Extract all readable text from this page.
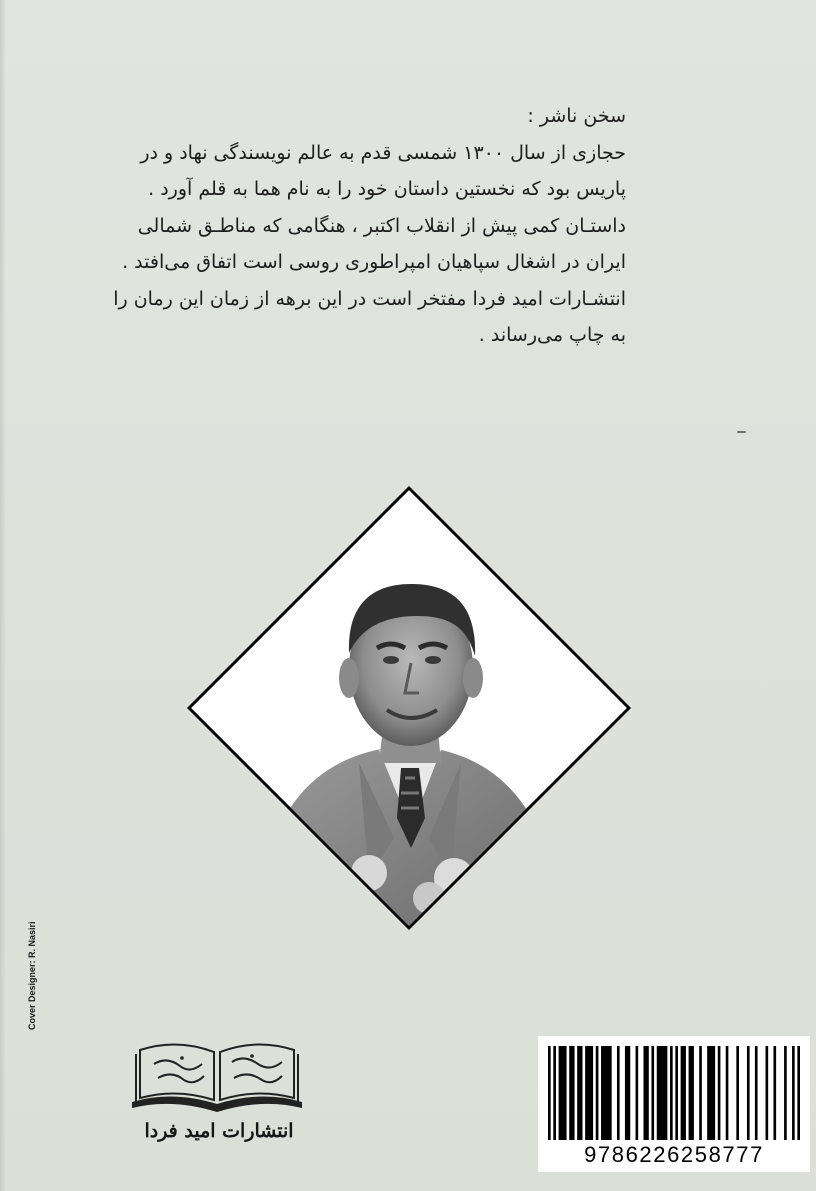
سخن ناشر :

حجازی از سال ۱۳۰۰ شمسی قدم به عالم نویسندگی نهاد و در

پاریس بود که نخستین داستان خود را به نام هما به قلم آورد .

داستـان کمی پیش از انقلاب اکتبر ، هنگامی که مناطـق شمالی

ایران در اشغال سپاهیان امپراطوری روسی است اتفاق می‌افتد .

انتشـارات امید فردا مفتخر است در این برهه از زمان این رمان را

به چاپ می‌رساند .

انتشارات امید فردا
Cover Designer: R. Nasiri
9786226258777
